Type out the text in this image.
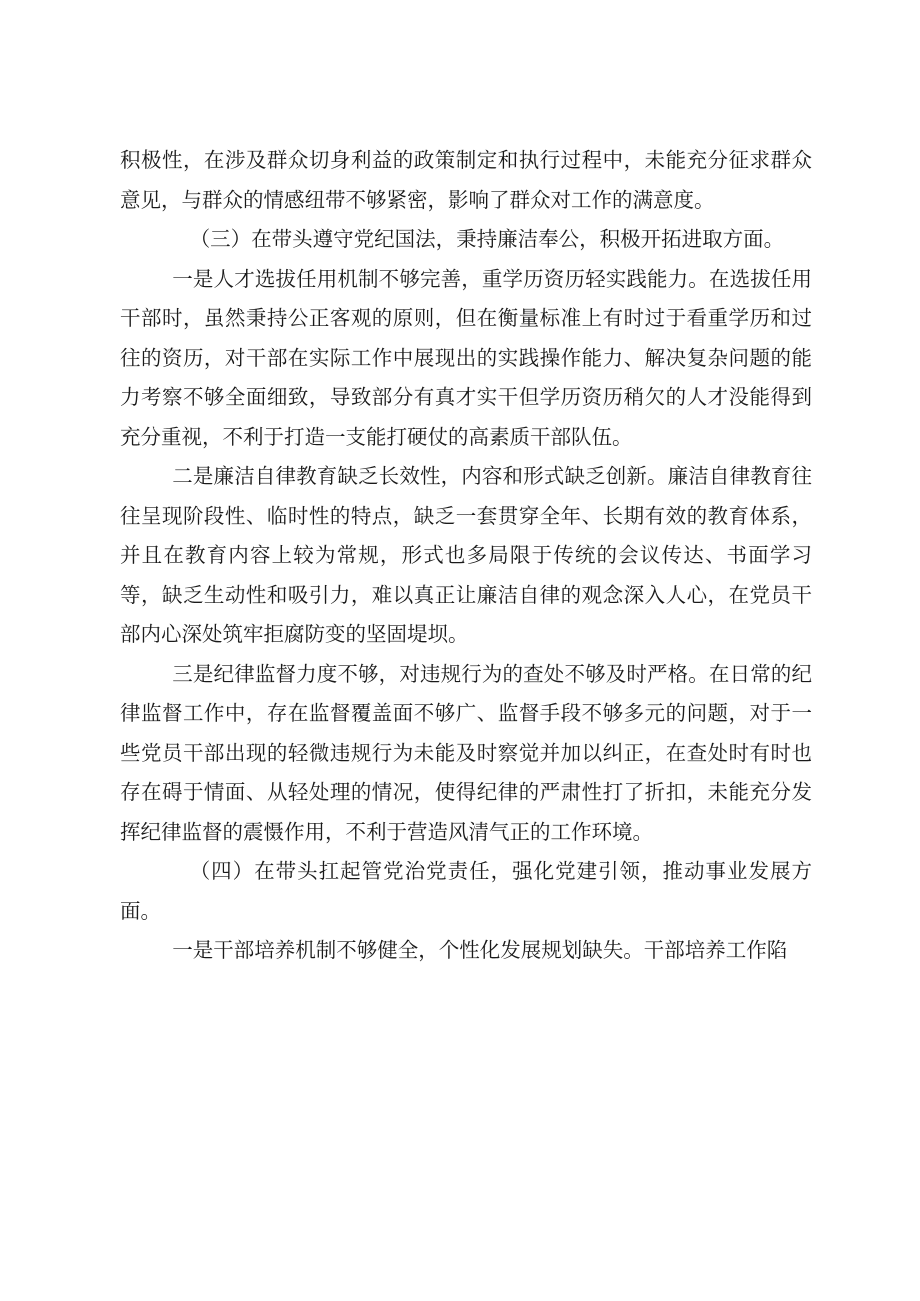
积极性，在涉及群众切身利益的政策制定和执行过程中，未能充分征求群众意见，与群众的情感纽带不够紧密，影响了群众对工作的满意度。

（三）在带头遵守党纪国法，秉持廉洁奉公，积极开拓进取方面。

一是人才选拔任用机制不够完善，重学历资历轻实践能力。在选拔任用干部时，虽然秉持公正客观的原则，但在衡量标准上有时过于看重学历和过往的资历，对干部在实际工作中展现出的实践操作能力、解决复杂问题的能力考察不够全面细致，导致部分有真才实干但学历资历稍欠的人才没能得到充分重视，不利于打造一支能打硬仗的高素质干部队伍。

二是廉洁自律教育缺乏长效性，内容和形式缺乏创新。廉洁自律教育往往呈现阶段性、临时性的特点，缺乏一套贯穿全年、长期有效的教育体系，并且在教育内容上较为常规，形式也多局限于传统的会议传达、书面学习等，缺乏生动性和吸引力，难以真正让廉洁自律的观念深入人心，在党员干部内心深处筑牢拒腐防变的坚固堤坝。

三是纪律监督力度不够，对违规行为的查处不够及时严格。在日常的纪律监督工作中，存在监督覆盖面不够广、监督手段不够多元的问题，对于一些党员干部出现的轻微违规行为未能及时察觉并加以纠正，在查处时有时也存在碍于情面、从轻处理的情况，使得纪律的严肃性打了折扣，未能充分发挥纪律监督的震慑作用，不利于营造风清气正的工作环境。

（四）在带头扛起管党治党责任，强化党建引领，推动事业发展方面。

一是干部培养机制不够健全，个性化发展规划缺失。干部培养工作陷
